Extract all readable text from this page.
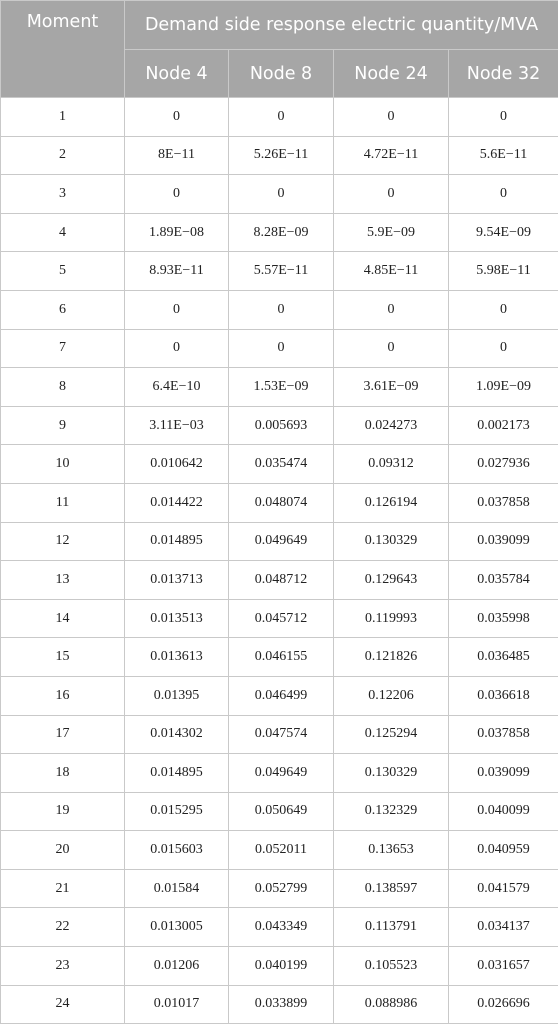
Moment	Demand side response electric quantity/MVA			
	Node 4	Node 8	Node 24	Node 32
1	0	0	0	0
2	8E−11	5.26E−11	4.72E−11	5.6E−11
3	0	0	0	0
4	1.89E−08	8.28E−09	5.9E−09	9.54E−09
5	8.93E−11	5.57E−11	4.85E−11	5.98E−11
6	0	0	0	0
7	0	0	0	0
8	6.4E−10	1.53E−09	3.61E−09	1.09E−09
9	3.11E−03	0.005693	0.024273	0.002173
10	0.010642	0.035474	0.09312	0.027936
11	0.014422	0.048074	0.126194	0.037858
12	0.014895	0.049649	0.130329	0.039099
13	0.013713	0.048712	0.129643	0.035784
14	0.013513	0.045712	0.119993	0.035998
15	0.013613	0.046155	0.121826	0.036485
16	0.01395	0.046499	0.12206	0.036618
17	0.014302	0.047574	0.125294	0.037858
18	0.014895	0.049649	0.130329	0.039099
19	0.015295	0.050649	0.132329	0.040099
20	0.015603	0.052011	0.13653	0.040959
21	0.01584	0.052799	0.138597	0.041579
22	0.013005	0.043349	0.113791	0.034137
23	0.01206	0.040199	0.105523	0.031657
24	0.01017	0.033899	0.088986	0.026696
